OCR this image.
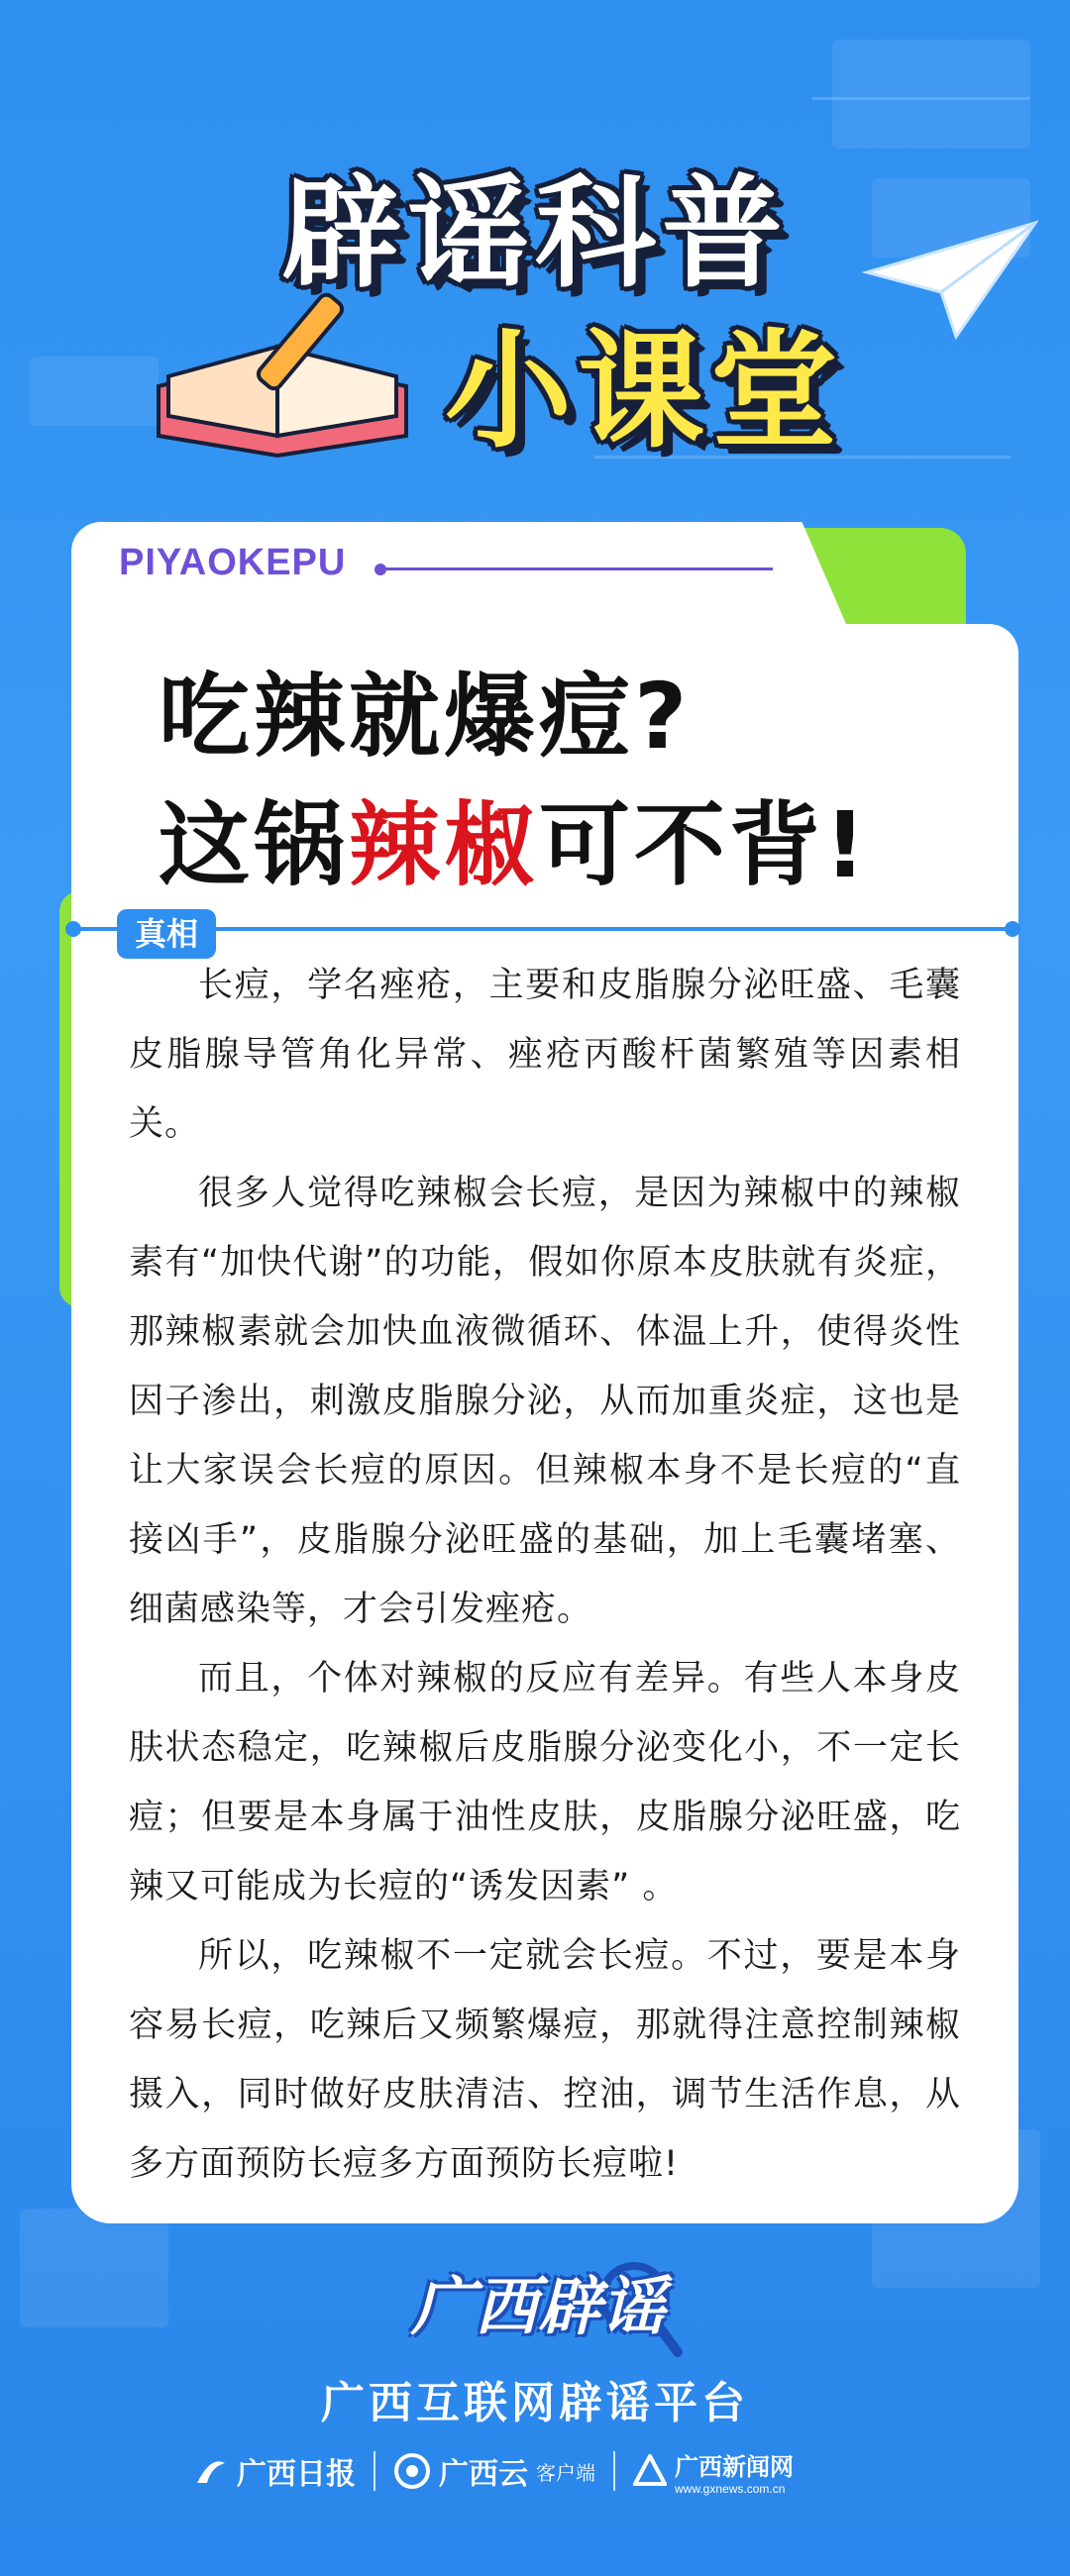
辟谣科普
小课堂
PIYAOKEPU
吃辣就爆痘?
这锅辣椒可不背!
真相

长痘，学名痤疮，主要和皮脂腺分泌旺盛、毛囊皮脂腺导管角化异常、痤疮丙酸杆菌繁殖等因素相关。

很多人觉得吃辣椒会长痘，是因为辣椒中的辣椒素有“加快代谢”的功能，假如你原本皮肤就有炎症，那辣椒素就会加快血液微循环、体温上升，使得炎性因子渗出，刺激皮脂腺分泌，从而加重炎症，这也是让大家误会长痘的原因。但辣椒本身不是长痘的“直接凶手”，皮脂腺分泌旺盛的基础，加上毛囊堵塞、细菌感染等，才会引发痤疮。

而且，个体对辣椒的反应有差异。有些人本身皮肤状态稳定，吃辣椒后皮脂腺分泌变化小，不一定长痘；但要是本身属于油性皮肤，皮脂腺分泌旺盛，吃辣又可能成为长痘的“诱发因素” 。

所以，吃辣椒不一定就会长痘。不过，要是本身容易长痘，吃辣后又频繁爆痘，那就得注意控制辣椒摄入，同时做好皮肤清洁、控油，调节生活作息，从多方面预防长痘多方面预防长痘啦!

广西辟谣
广西互联网辟谣平台
广西日报	广西云 客户端	广西新闻网
www.gxnews.com.cn
